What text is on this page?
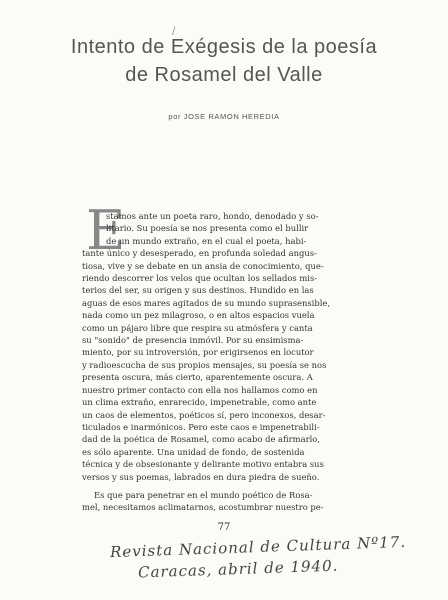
/
Intento de Exégesis de la poesía
de Rosamel del Valle

por JOSE RAMON HEREDIA

E
stamos ante un poeta raro, hondo, denodado y so-
litario. Su poesía se nos presenta como el bullir
de un mundo extraño, en el cual el poeta, habi-
tante único y desesperado, en profunda soledad angus-
tiosa, vive y se debate en un ansia de conocimiento, que-
riendo descorrer los velos que ocultan los sellados mis-
terios del ser, su origen y sus destinos. Hundido en las
aguas de esos mares agitados de su mundo suprasensible,
nada como un pez milagroso, o en altos espacios vuela
como un pájaro libre que respira su atmósfera y canta
su "sonido" de presencia inmóvil. Por su ensimisma-
miento, por su introversión, por erigirsenos en locutor
y radioescucha de sus propios mensajes, su poesía se nos
presenta oscura, más cierto, aparentemente oscura. A
nuestro primer contacto con ella nos hallamos como en
un clima extraño, enrarecido, impenetrable, como ante
un caos de elementos, poéticos sí, pero inconexos, desar-
ticulados e inarmónicos. Pero este caos e impenetrabili-
dad de la poética de Rosamel, como acabo de afirmarlo,
es sólo aparente. Una unidad de fondo, de sostenida
técnica y de obsesionante y delirante motivo entabra sus
versos y sus poemas, labrados en dura piedra de sueño.
Es que para penetrar en el mundo poético de Rosa-
mel, necesitamos aclimatarnos, acostumbrar nuestro pe-

77

Revista Nacional de Cultura Nº17.

Caracas, abril de 1940.
